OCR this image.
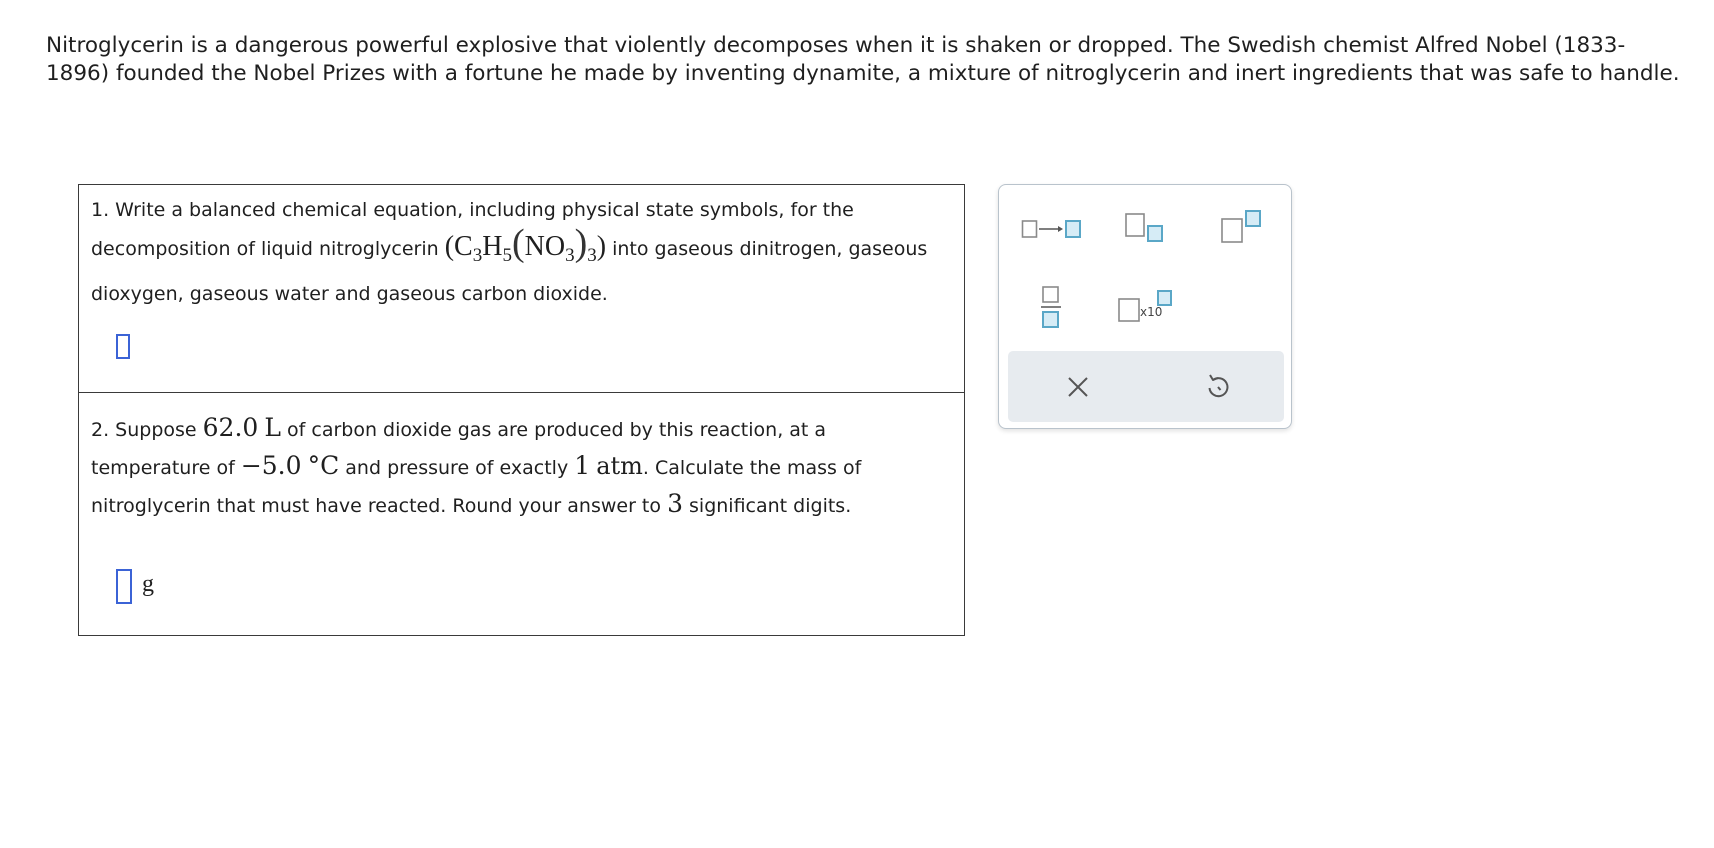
Nitroglycerin is a dangerous powerful explosive that violently decomposes when it is shaken or dropped. The Swedish chemist Alfred Nobel (1833-1896) founded the Nobel Prizes with a fortune he made by inventing dynamite, a mixture of nitroglycerin and inert ingredients that was safe to handle.

1. Write a balanced chemical equation, including physical state symbols, for the
decomposition of liquid nitroglycerin $(C_3H_5(NO_3)_3)$ into gaseous dinitrogen, gaseous
dioxygen, gaseous water and gaseous carbon dioxide.
2. Suppose 62.0 L of carbon dioxide gas are produced by this reaction, at a
temperature of −5.0 °C and pressure of exactly 1 atm. Calculate the mass of
nitroglycerin that must have reacted. Round your answer to 3 significant digits.
g
x10
